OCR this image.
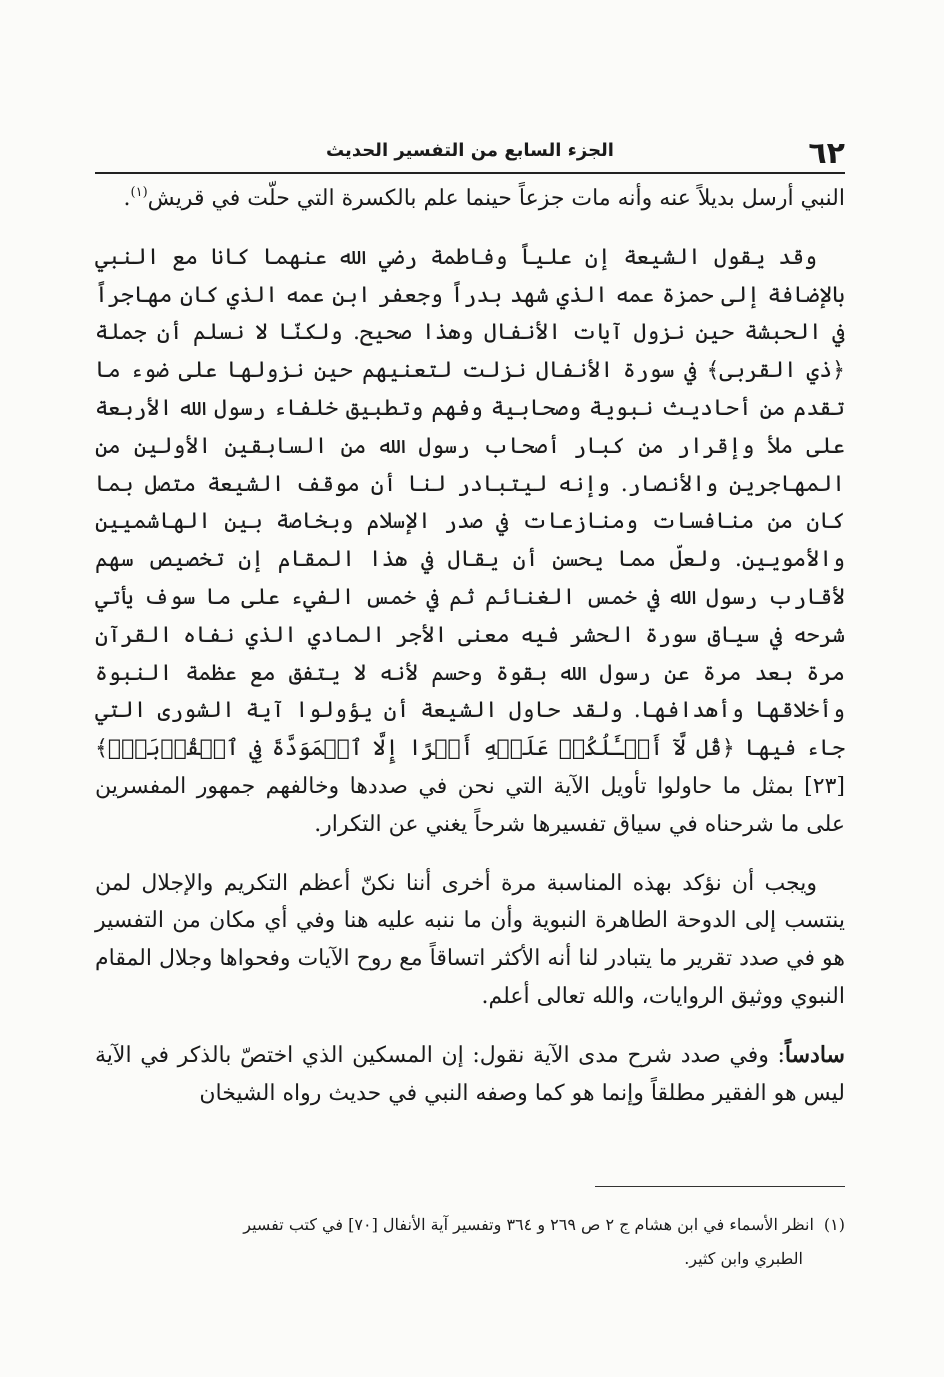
٦٢
الجزء السابع من التفسير الحديث

النبي أرسل بديلاً عنه وأنه مات جزعاً حينما علم بالكسرة التي حلّت في قريش$^{(١)}$.

وقد يقول الشيعة إن علياً وفاطمة رضي الله عنهما كانا مع النبي بالإضافة إلى حمزة عمه الذي شهد بدراً وجعفر ابن عمه الذي كان مهاجراً في الحبشة حين نزول آيات الأنفال وهذا صحيح. ولكنّا لا نسلم أن جملة ﴿ذي القربى﴾ في سورة الأنفال نزلت لتعنيهم حين نزولها على ضوء ما تقدم من أحاديث نبوية وصحابية وفهم وتطبيق خلفاء رسول الله الأربعة على ملأ وإقرار من كبار أصحاب رسول الله من السابقين الأولين من المهاجرين والأنصار. وإنه ليتبادر لنا أن موقف الشيعة متصل بما كان من منافسات ومنازعات في صدر الإسلام وبخاصة بين الهاشميين والأمويين. ولعلّ مما يحسن أن يقال في هذا المقام إن تخصيص سهم لأقارب رسول الله في خمس الغنائم ثم في خمس الفيء على ما سوف يأتي شرحه في سياق سورة الحشر فيه معنى الأجر المادي الذي نفاه القرآن مرة بعد مرة عن رسول الله بقوة وحسم لأنه لا يتفق مع عظمة النبوة وأخلاقها وأهدافها. ولقد حاول الشيعة أن يؤولوا آية الشورى التي جاء فيها ﴿قُل لَّآ أَسۡـَٔلُكُمۡ عَلَيۡهِ أَجۡرًا إِلَّا ٱلۡمَوَدَّةَ فِي ٱلۡقُرۡبَىٰۗ﴾ [٢٣] بمثل ما حاولوا تأويل الآية التي نحن في صددها وخالفهم جمهور المفسرين على ما شرحناه في سياق تفسيرها شرحاً يغني عن التكرار.

ويجب أن نؤكد بهذه المناسبة مرة أخرى أننا نكنّ أعظم التكريم والإجلال لمن ينتسب إلى الدوحة الطاهرة النبوية وأن ما ننبه عليه هنا وفي أي مكان من التفسير هو في صدد تقرير ما يتبادر لنا أنه الأكثر اتساقاً مع روح الآيات وفحواها وجلال المقام النبوي ووثيق الروايات، والله تعالى أعلم.

سادساً: وفي صدد شرح مدى الآية نقول: إن المسكين الذي اختصّ بالذكر في الآية ليس هو الفقير مطلقاً وإنما هو كما وصفه النبي في حديث رواه الشيخان

(١)انظر الأسماء في ابن هشام ج ٢ ص ٢٦٩ و ٣٦٤ وتفسير آية الأنفال [٧٠] في كتب تفسير

الطبري وابن كثير.
